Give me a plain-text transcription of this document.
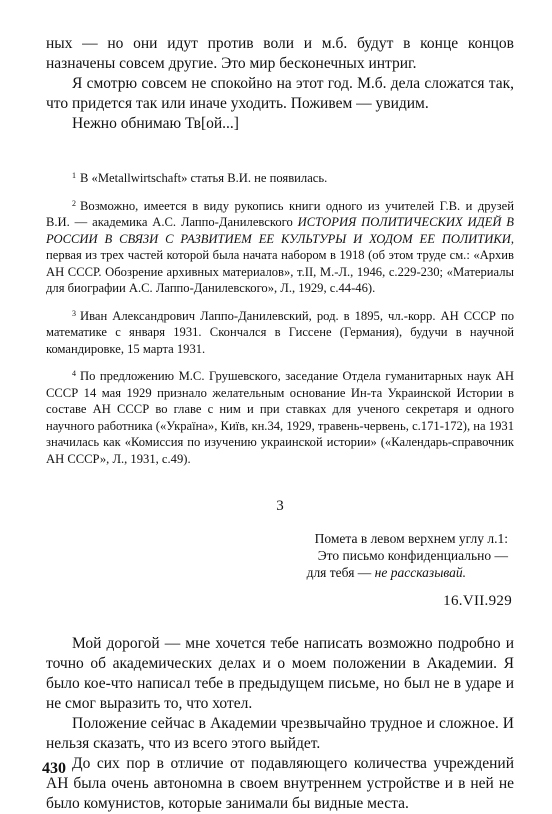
ных — но они идут против воли и м.б. будут в конце концов назначены совсем другие. Это мир бесконечных интриг.

Я смотрю совсем не спокойно на этот год. М.б. дела сложатся так, что придется так или иначе уходить. Поживем — увидим.

Нежно обнимаю Тв[ой...]

$^1$ В «Metallwirtschaft» статья В.И. не появилась.

$^2$ Возможно, имеется в виду рукопись книги одного из учителей Г.В. и друзей В.И. — академика А.С. Лаппо-Данилевского ИСТОРИЯ ПОЛИТИЧЕСКИХ ИДЕЙ В РОССИИ В СВЯЗИ С РАЗВИТИЕМ ЕЕ КУЛЬТУРЫ И ХОДОМ ЕЕ ПОЛИТИКИ, первая из трех частей которой была начата набором в 1918 (об этом труде см.: «Архив АН СССР. Обозрение архивных материалов», т.II, М.-Л., 1946, с.229-230; «Материалы для биографии А.С. Лаппо-Данилевского», Л., 1929, с.44-46).

$^3$ Иван Александрович Лаппо-Данилевский, род. в 1895, чл.-корр. АН СССР по математике с января 1931. Скончался в Гиссене (Германия), будучи в научной командировке, 15 марта 1931.

$^4$ По предложению М.С. Грушевского, заседание Отдела гуманитарных наук АН СССР 14 мая 1929 признало желательным основание Ин-та Украинской Истории в составе АН СССР во главе с ним и при ставках для ученого секретаря и одного научного работника («Украïна», Київ, кн.34, 1929, травень-червень, с.171-172), на 1931 значилась как «Комиссия по изучению украинской истории» («Календарь-справочник АН СССР», Л., 1931, с.49).

3
Помета в левом верхнем углу л.1:
Это письмо конфиденциально —
для тебя — не рассказывай.
16.VII.929

Мой дорогой — мне хочется тебе написать возможно подробно и точно об академических делах и о моем положении в Академии. Я было кое-что написал тебе в предыдущем письме, но был не в ударе и не смог выразить то, что хотел.

Положение сейчас в Академии чрезвычайно трудное и сложное. И нельзя сказать, что из всего этого выйдет.

До сих пор в отличие от подавляющего количества учреждений АН была очень автономна в своем внутреннем устройстве и в ней не было комунистов, которые занимали бы видные места.

430
